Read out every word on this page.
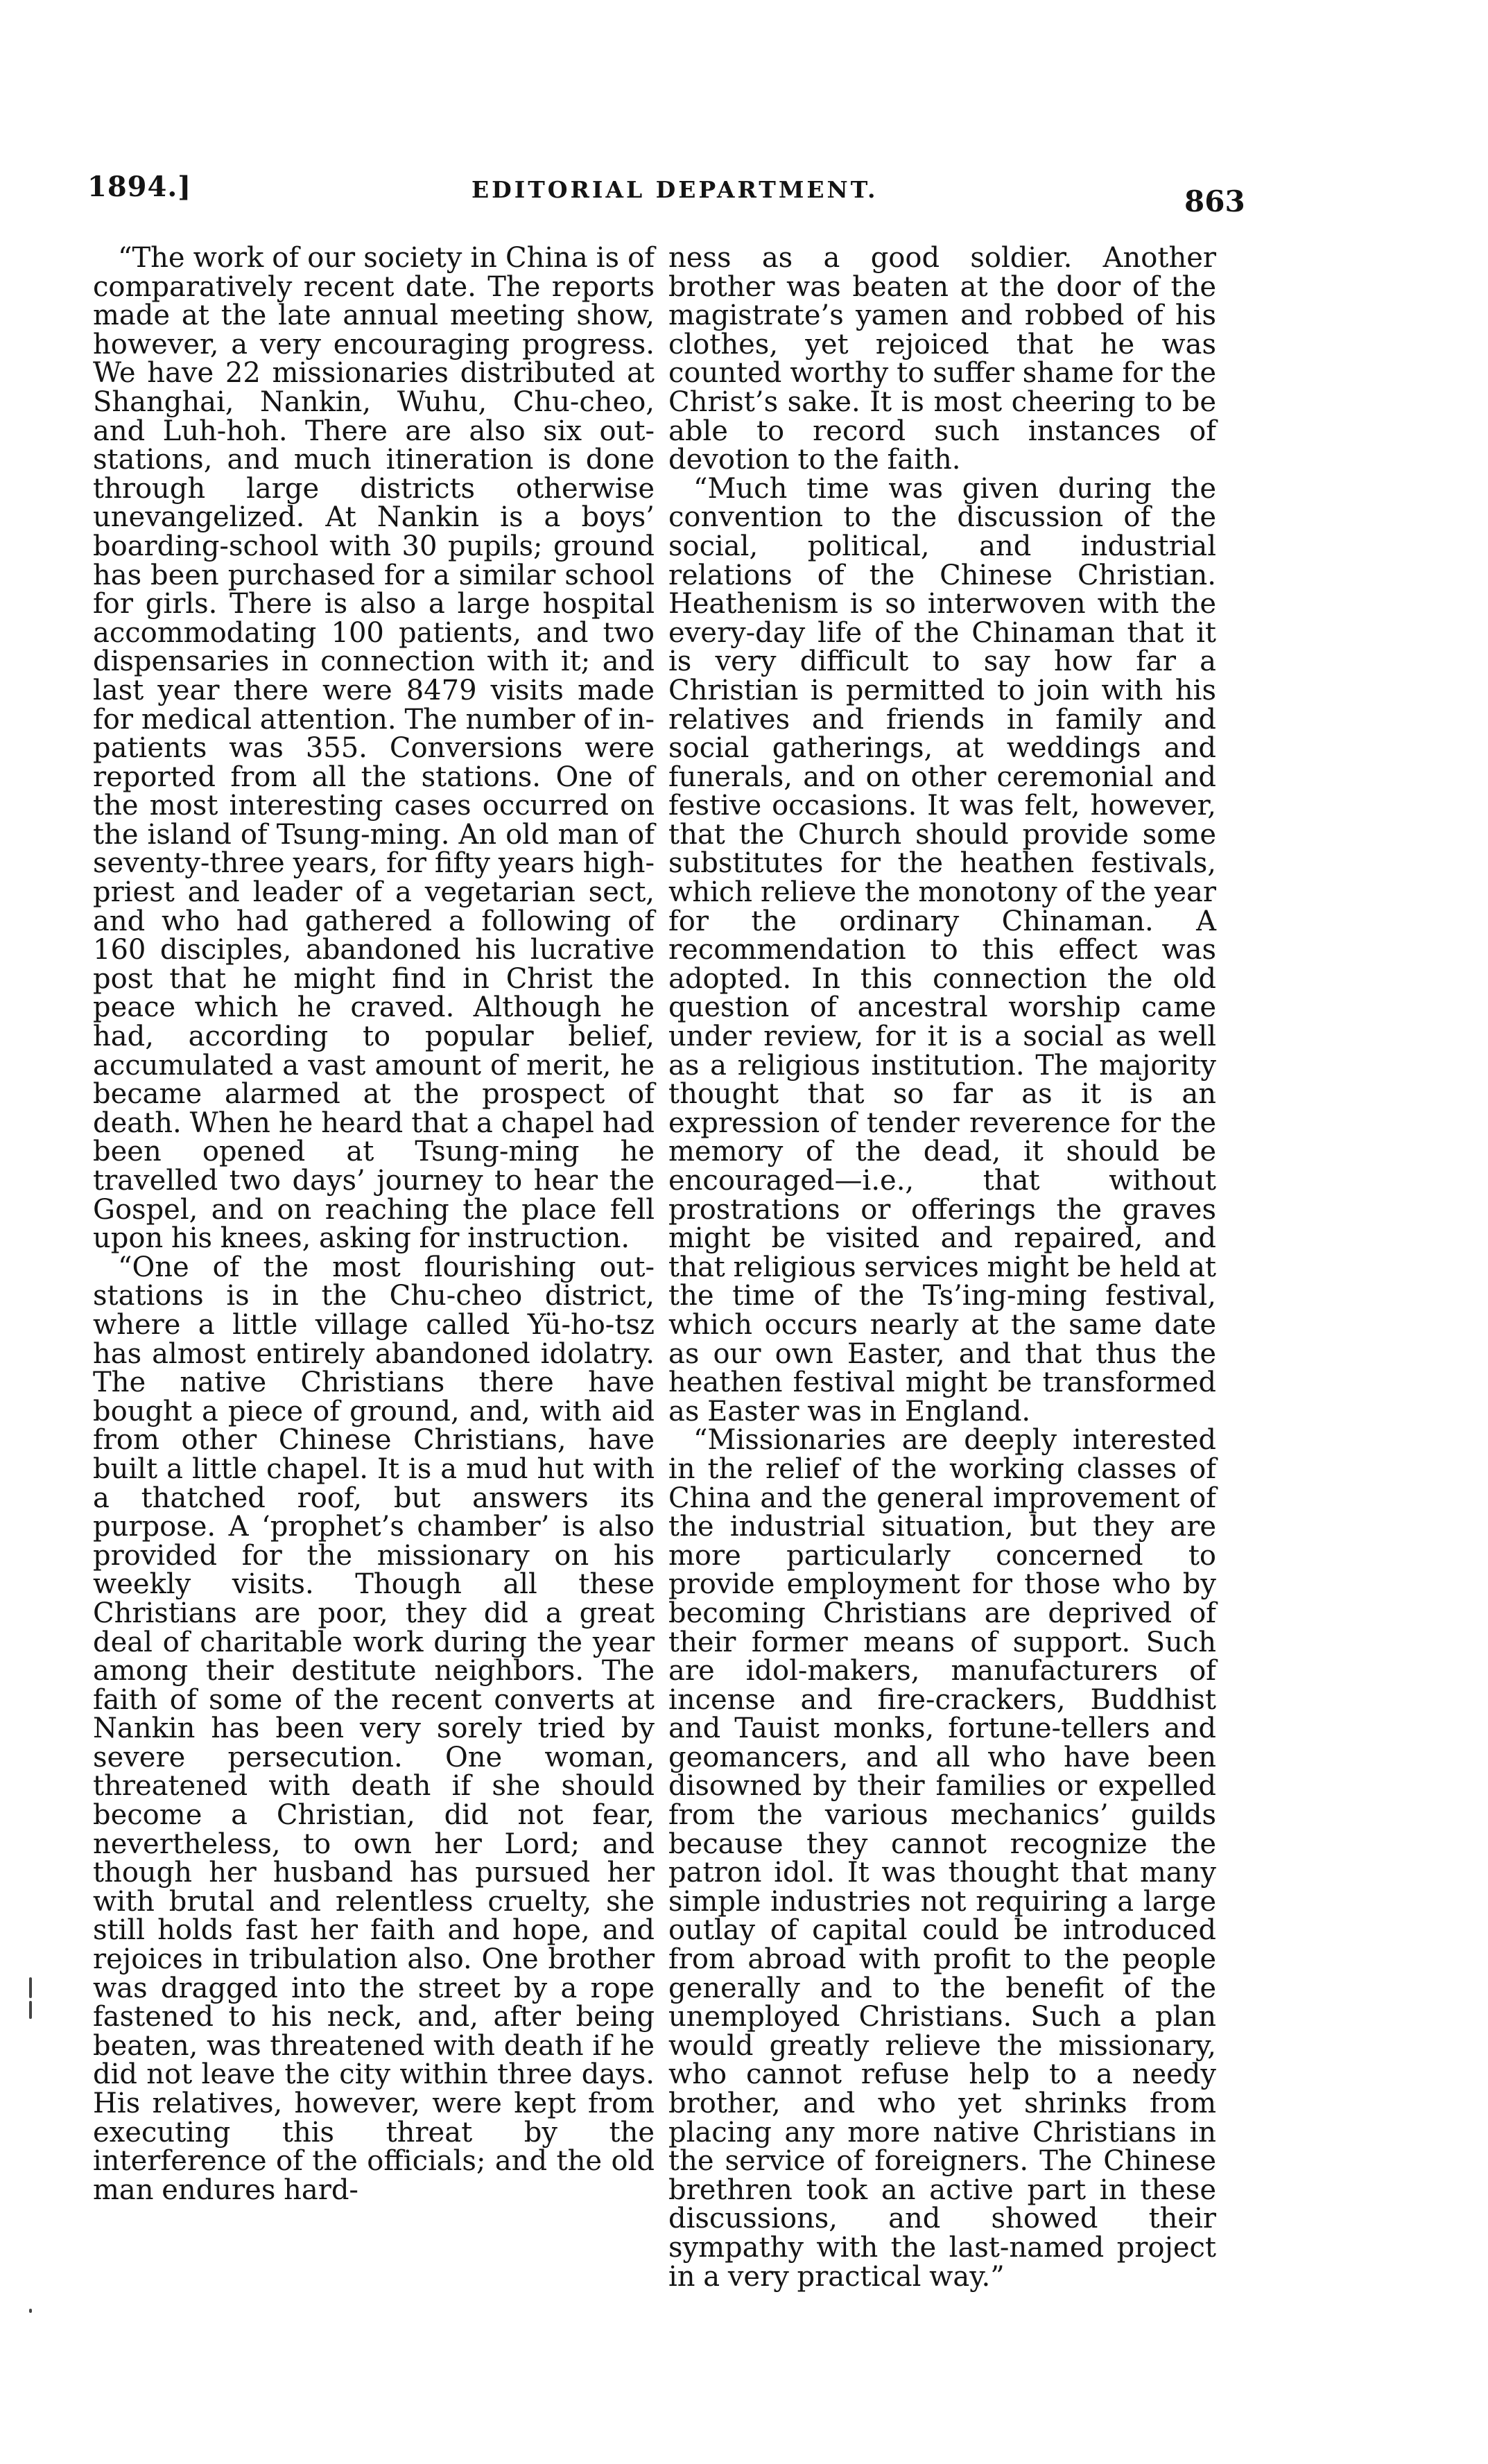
1894.]	EDITORIAL DEPARTMENT.	863

“The work of our society in China is of comparatively recent date. The reports made at the late annual meeting show, however, a very encouraging progress. We have 22 missionaries distributed at Shanghai, Nankin, Wuhu, Chu-cheo, and Luh-hoh. There are also six out-stations, and much itineration is done through large districts otherwise unevangelized. At Nankin is a boys’ boarding-school with 30 pupils; ground has been purchased for a similar school for girls. There is also a large hospital accommodating 100 patients, and two dispensaries in connection with it; and last year there were 8479 visits made for medical attention. The number of in-patients was 355. Conversions were reported from all the stations. One of the most interesting cases occurred on the island of Tsung-ming. An old man of seventy-three years, for fifty years high-priest and leader of a vegetarian sect, and who had gathered a following of 160 disciples, abandoned his lucrative post that he might find in Christ the peace which he craved. Although he had, according to popular belief, accumulated a vast amount of merit, he became alarmed at the prospect of death. When he heard that a chapel had been opened at Tsung-ming he travelled two days’ journey to hear the Gospel, and on reaching the place fell upon his knees, asking for instruction.

“One of the most flourishing out-stations is in the Chu-cheo district, where a little village called Yü-ho-tsz has almost entirely abandoned idolatry. The native Christians there have bought a piece of ground, and, with aid from other Chinese Christians, have built a little chapel. It is a mud hut with a thatched roof, but answers its purpose. A ‘prophet’s chamber’ is also provided for the missionary on his weekly visits. Though all these Christians are poor, they did a great deal of charitable work during the year among their destitute neighbors. The faith of some of the recent converts at Nankin has been very sorely tried by severe persecution. One woman, threatened with death if she should become a Christian, did not fear, nevertheless, to own her Lord; and though her husband has pursued her with brutal and relentless cruelty, she still holds fast her faith and hope, and rejoices in tribulation also. One brother was dragged into the street by a rope fastened to his neck, and, after being beaten, was threatened with death if he did not leave the city within three days. His relatives, however, were kept from executing this threat by the interference of the officials; and the old man endures hard-

ness as a good soldier. Another brother was beaten at the door of the magistrate’s yamen and robbed of his clothes, yet rejoiced that he was counted worthy to suffer shame for the Christ’s sake. It is most cheering to be able to record such instances of devotion to the faith.

“Much time was given during the convention to the discussion of the social, political, and industrial relations of the Chinese Christian. Heathenism is so interwoven with the every-day life of the Chinaman that it is very difficult to say how far a Christian is permitted to join with his relatives and friends in family and social gatherings, at weddings and funerals, and on other ceremonial and festive occasions. It was felt, however, that the Church should provide some substitutes for the heathen festivals, which relieve the monotony of the year for the ordinary Chinaman. A recommendation to this effect was adopted. In this connection the old question of ancestral worship came under review, for it is a social as well as a religious institution. The majority thought that so far as it is an expression of tender reverence for the memory of the dead, it should be encouraged—i.e., that without prostrations or offerings the graves might be visited and repaired, and that religious services might be held at the time of the Ts’ing-ming festival, which occurs nearly at the same date as our own Easter, and that thus the heathen festival might be transformed as Easter was in England.

“Missionaries are deeply interested in the relief of the working classes of China and the general improvement of the industrial situation, but they are more particularly concerned to provide employment for those who by becoming Christians are deprived of their former means of support. Such are idol-makers, manufacturers of incense and fire-crackers, Buddhist and Tauist monks, fortune-tellers and geomancers, and all who have been disowned by their families or expelled from the various mechanics’ guilds because they cannot recognize the patron idol. It was thought that many simple industries not requiring a large outlay of capital could be introduced from abroad with profit to the people generally and to the benefit of the unemployed Christians. Such a plan would greatly relieve the missionary, who cannot refuse help to a needy brother, and who yet shrinks from placing any more native Christians in the service of foreigners. The Chinese brethren took an active part in these discussions, and showed their sympathy with the last-named project in a very practical way.”
